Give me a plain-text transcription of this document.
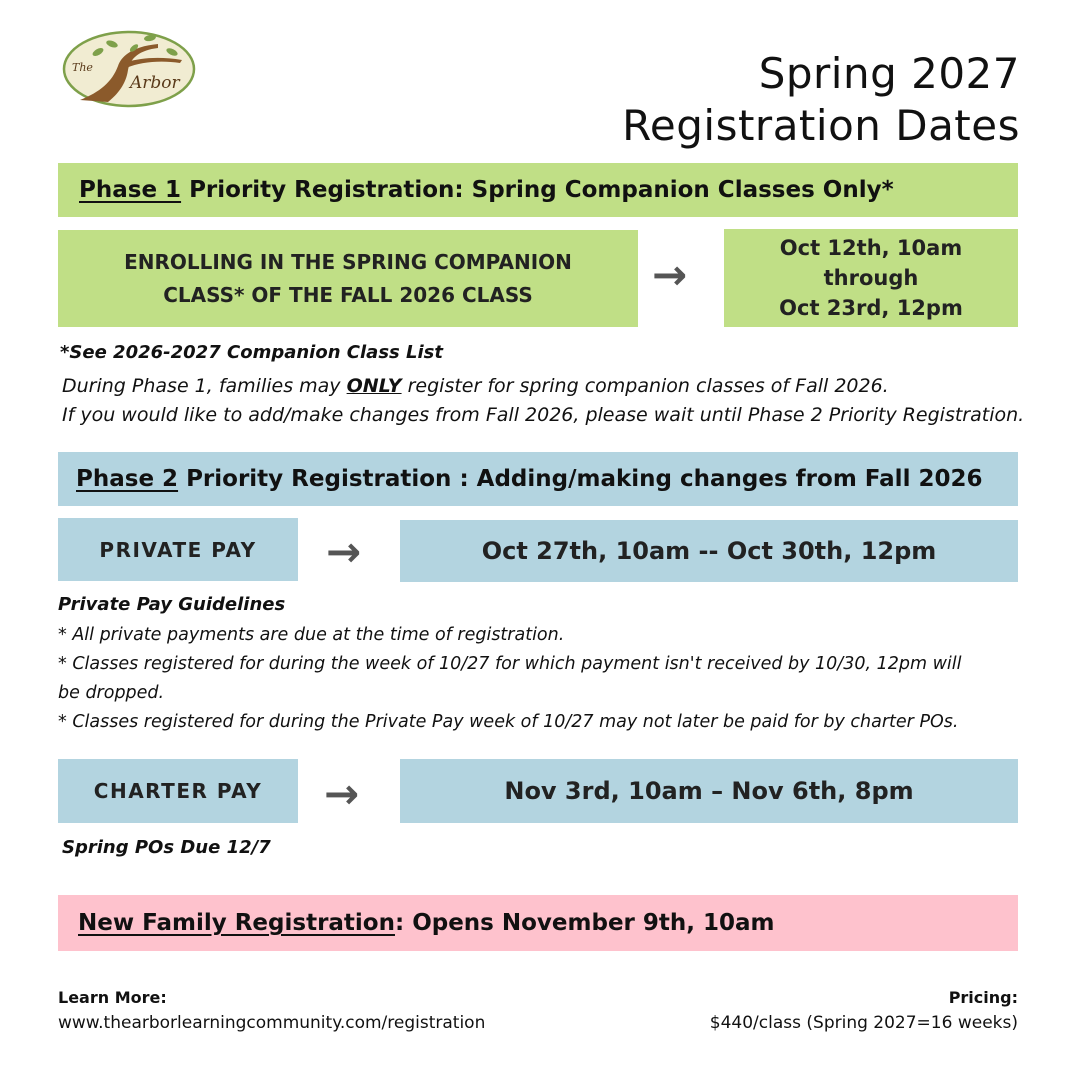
The
Arbor	Spring 2027
Registration Dates
Phase 1 Priority Registration: Spring Companion Classes Only*
ENROLLING IN THE SPRING COMPANION
CLASS* OF THE FALL 2026 CLASS	→
Oct 12th, 10am
through
Oct 23rd, 12pm
*See 2026-2027 Companion Class List
During Phase 1, families may ONLY register for spring companion classes of Fall 2026.
If you would like to add/make changes from Fall 2026, please wait until Phase 2 Priority Registration.
Phase 2 Priority Registration : Adding/making changes from Fall 2026
PRIVATE PAY	→	Oct 27th, 10am -- Oct 30th, 12pm
Private Pay Guidelines
* All private payments are due at the time of registration.
* Classes registered for during the week of 10/27 for which payment isn't received by 10/30, 12pm will
be dropped.
* Classes registered for during the Private Pay week of 10/27 may not later be paid for by charter POs.
CHARTER PAY	→	Nov 3rd, 10am – Nov 6th, 8pm
Spring POs Due 12/7
New Family Registration : Opens November 9th, 10am
Learn More:
www.thearborlearningcommunity.com/registration
Pricing:
$440/class (Spring 2027=16 weeks)
